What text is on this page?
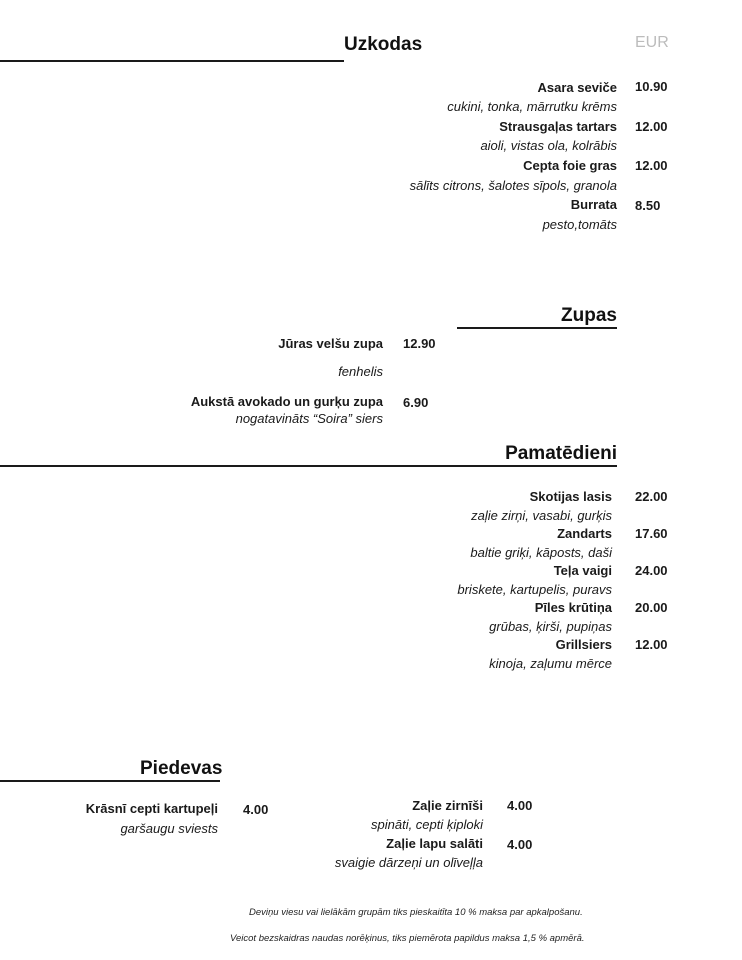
Uzkodas	EUR
Asara seviče 10.90
cukini, tonka, mārrutku krēms
Strausgaļas tartars 12.00
aioli, vistas ola, kolrābis
Cepta foie gras 12.00
sālīts citrons, šalotes sīpols, granola
Burrata 8.50
pesto,tomāts
Zupas
Jūras velšu zupa 12.90
fenhelis
Aukstā avokado un gurķu zupa 6.90
nogatavināts “Soira” siers
Pamatēdieni
Skotijas lasis 22.00
zaļie zirņi, vasabi, gurķis
Zandarts 17.60
baltie griķi, kāposts, daši
Teļa vaigi 24.00
briskete, kartupelis, puravs
Pīles krūtiņa 20.00
grūbas, ķirši, pupiņas
Grillsiers 12.00
kinoja, zaļumu mērce
Piedevas
Krāsnī cepti kartupeļi 4.00
garšaugu sviests
Zaļie zirnīši 4.00
spināti, cepti ķiploki
Zaļie lapu salāti 4.00
svaigie dārzeņi un olīveļļa
Deviņu viesu vai lielākām grupām tiks pieskaitīta 10 % maksa par apkalpošanu.
Veicot bezskaidras naudas norēķinus, tiks piemērota papildus maksa 1,5 % apmērā.
